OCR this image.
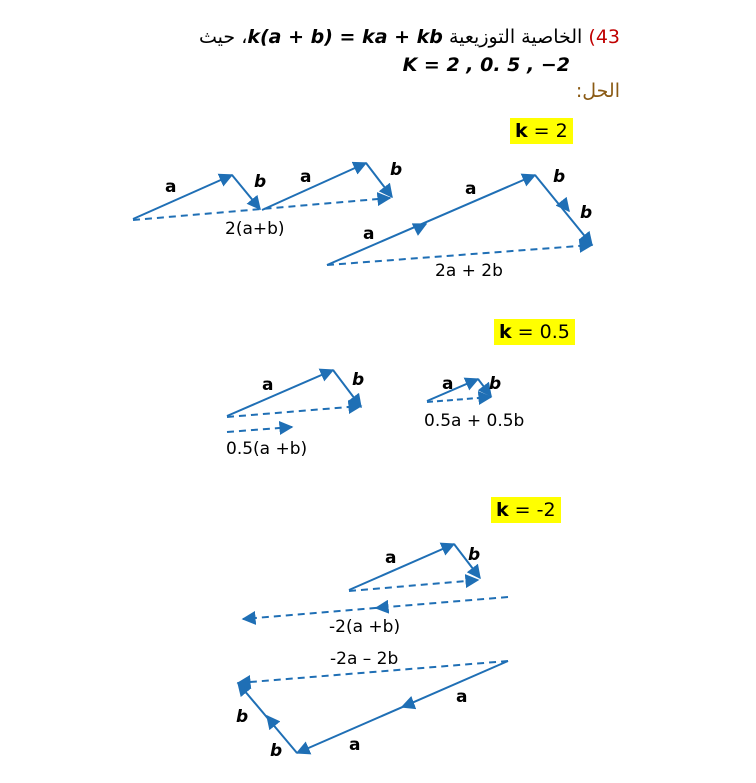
43) الخاصية التوزيعية k(a + b) = ka + kb، حيث
K = 2 , 0. 5 , −2
الحل:
k = 2
k = 0.5
k = -2
a	b a	b
2(a+b)
a
b
b
a
2a + 2b
a	b
0.5(a +b)
a b
0.5a + 0.5b
a	b
-2(a +b)
-2a – 2b
a
a
b
b
